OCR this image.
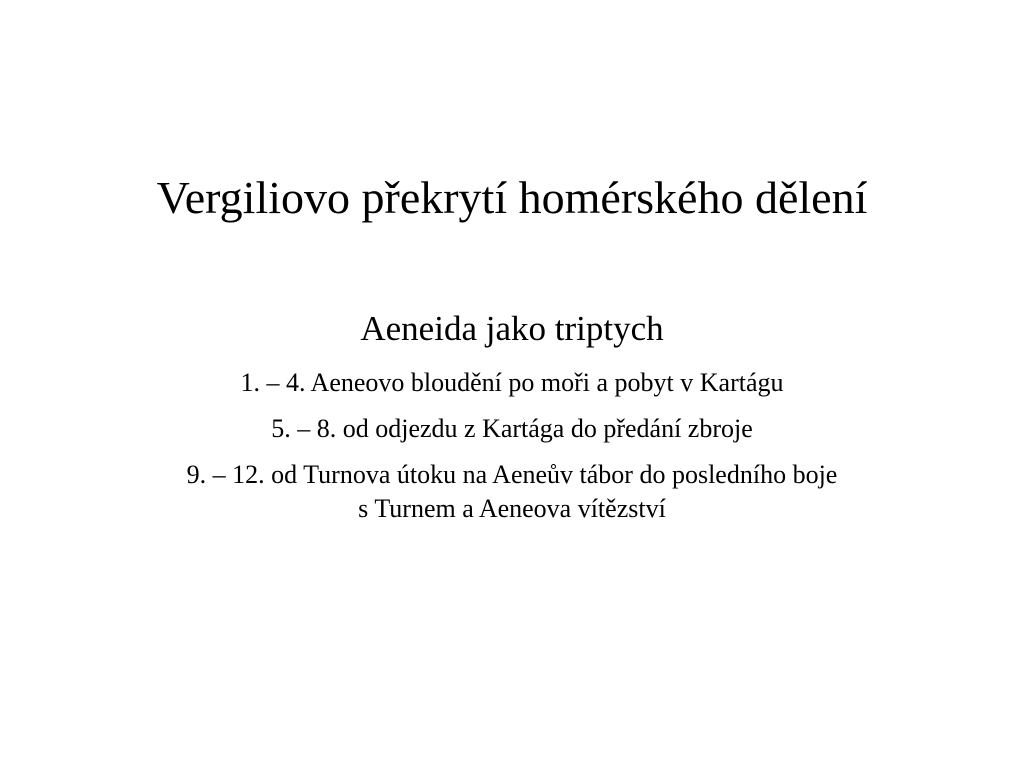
Vergiliovo překrytí homérského dělení
Aeneida jako triptych

1. – 4. Aeneovo bloudění po moři a pobyt v Kartágu

5. – 8. od odjezdu z Kartága do předání zbroje

9. – 12. od Turnova útoku na Aeneův tábor do posledního boje s Turnem a Aeneova vítězství
